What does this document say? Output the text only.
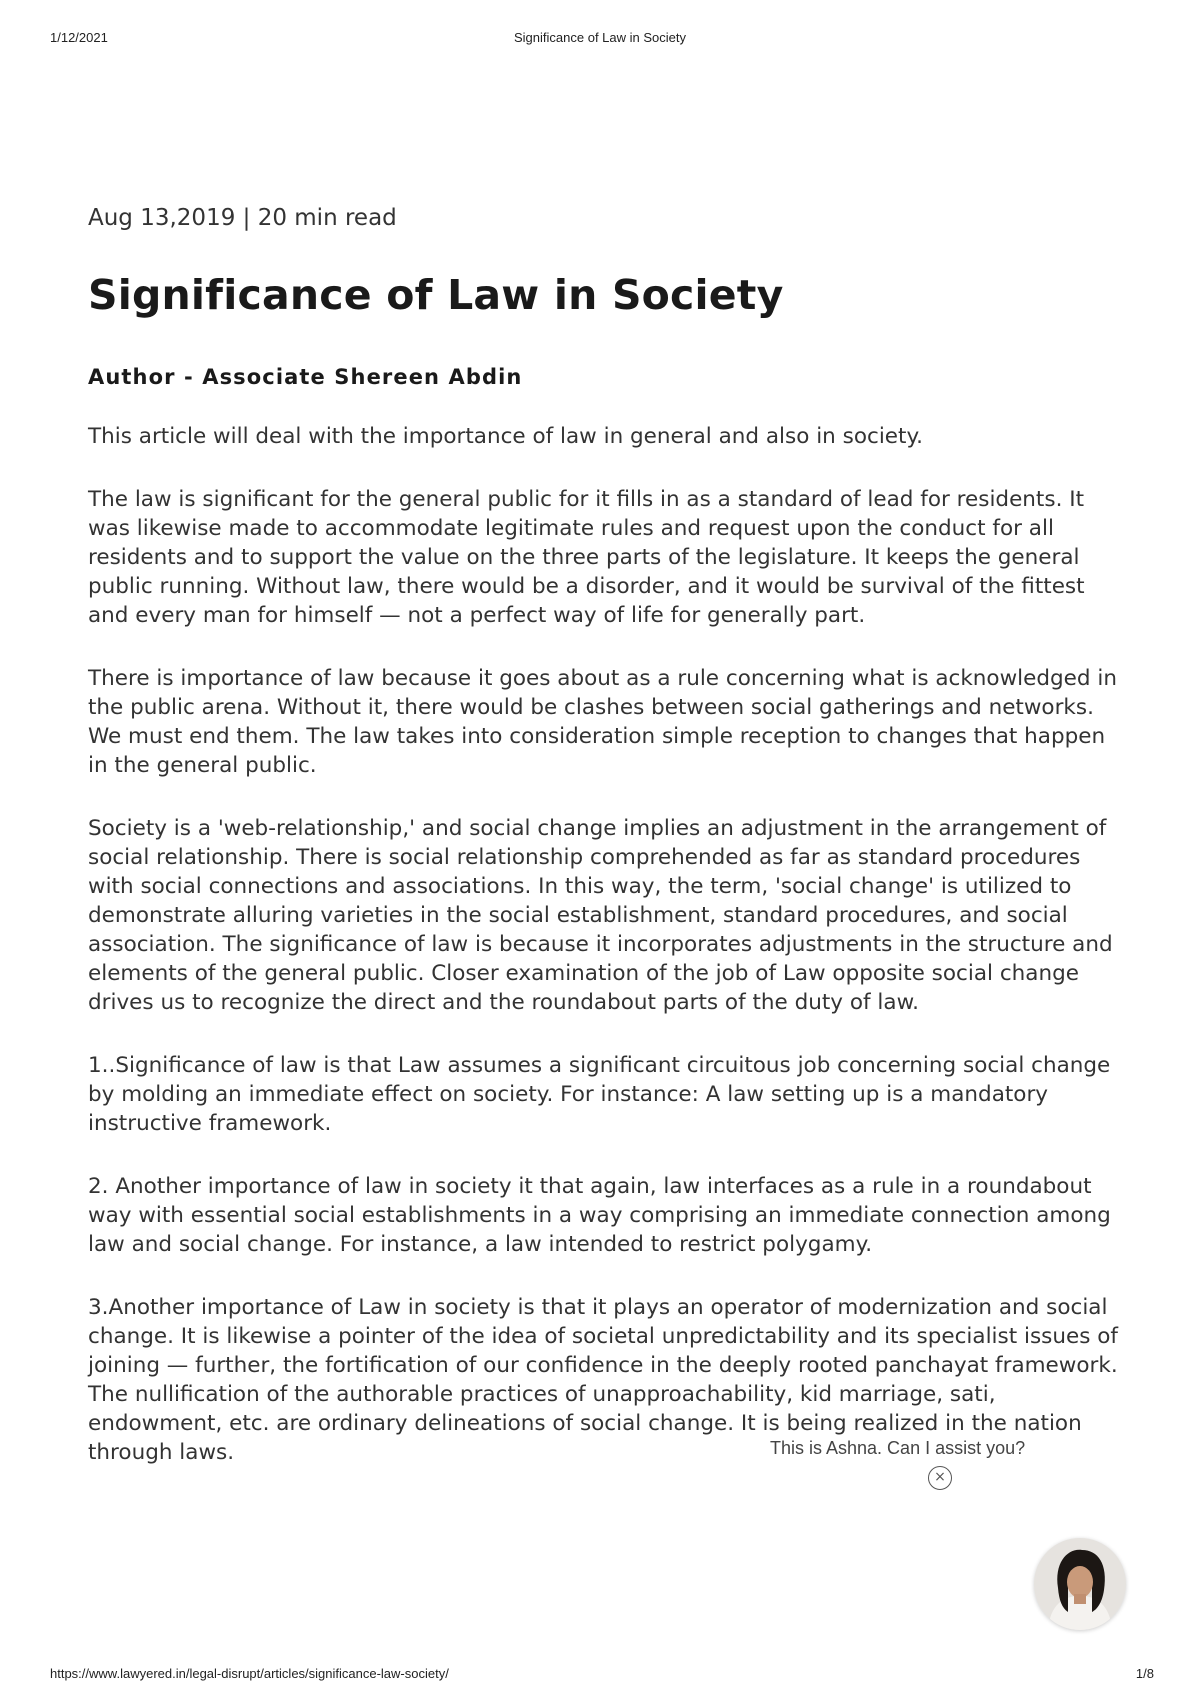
Significance of Law in Society
1/12/2021
Aug 13,2019 | 20 min read
Significance of Law in Society
Author - Associate Shereen Abdin

This article will deal with the importance of law in general and also in society.

The law is significant for the general public for it fills in as a standard of lead for residents. It was likewise made to accommodate legitimate rules and request upon the conduct for all residents and to support the value on the three parts of the legislature. It keeps the general public running. Without law, there would be a disorder, and it would be survival of the fittest and every man for himself — not a perfect way of life for generally part.

There is importance of law because it goes about as a rule concerning what is acknowledged in the public arena. Without it, there would be clashes between social gatherings and networks. We must end them. The law takes into consideration simple reception to changes that happen in the general public.

Society is a 'web-relationship,' and social change implies an adjustment in the arrangement of social relationship. There is social relationship comprehended as far as standard procedures with social connections and associations. In this way, the term, 'social change' is utilized to demonstrate alluring varieties in the social establishment, standard procedures, and social association. The significance of law is because it incorporates adjustments in the structure and elements of the general public. Closer examination of the job of Law opposite social change drives us to recognize the direct and the roundabout parts of the duty of law.

1..Significance of law is that Law assumes a significant circuitous job concerning social change by molding an immediate effect on society. For instance: A law setting up is a mandatory instructive framework.

2. Another importance of law in society it that again, law interfaces as a rule in a roundabout way with essential social establishments in a way comprising an immediate connection among law and social change. For instance, a law intended to restrict polygamy.

3.Another importance of Law in society is that it plays an operator of modernization and social change. It is likewise a pointer of the idea of societal unpredictability and its specialist issues of joining — further, the fortification of our confidence in the deeply rooted panchayat framework. The nullification of the authorable practices of unapproachability, kid marriage, sati, endowment, etc. are ordinary delineations of social change. It is being realized in the nation through laws.	This is Ashna. Can I assist you?
×
https://www.lawyered.in/legal-disrupt/articles/significance-law-society/	1/8
